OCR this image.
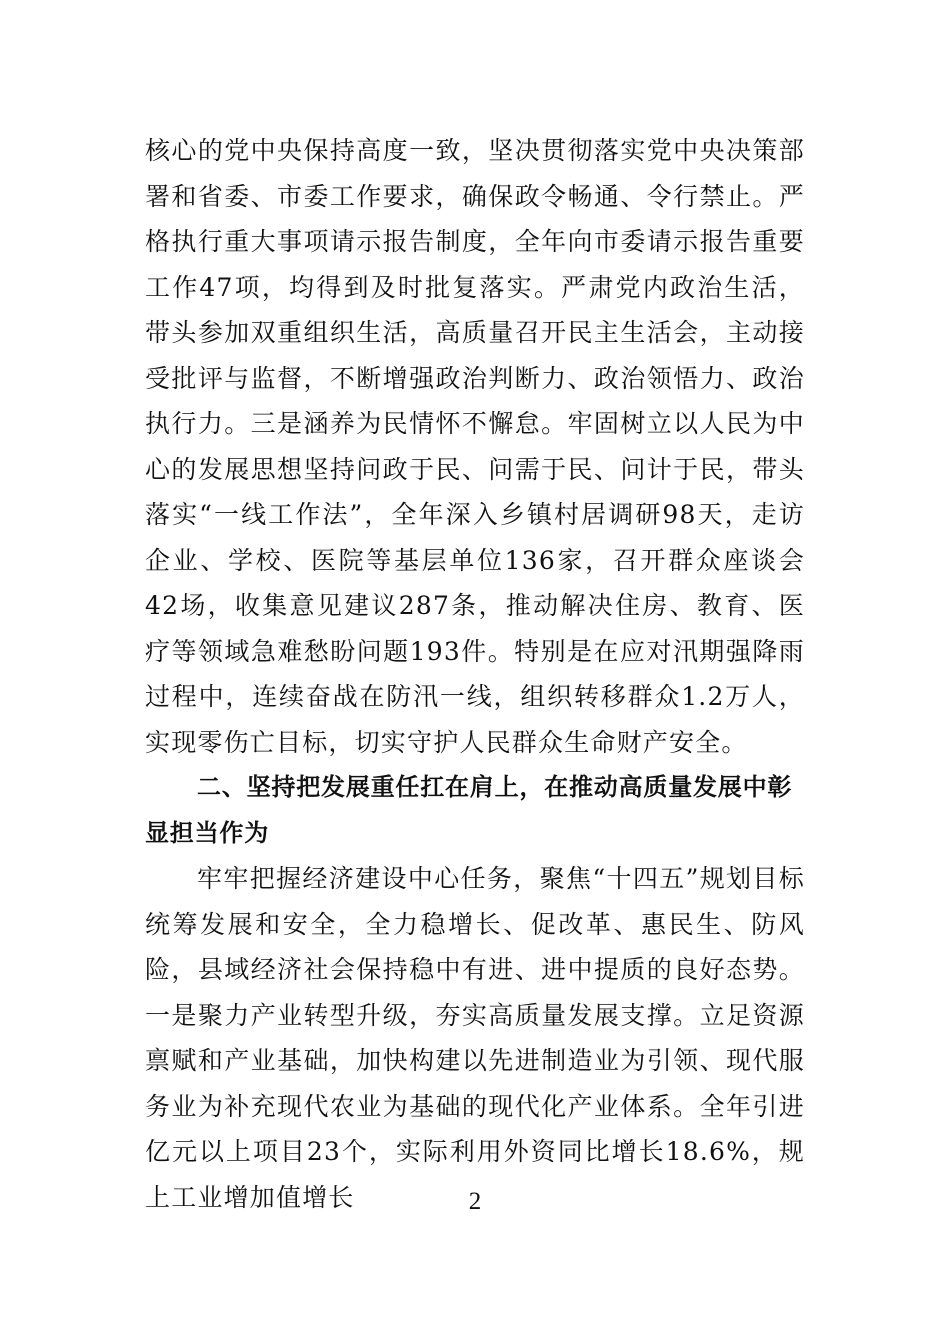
核心的党中央保持高度一致，坚决贯彻落实党中央决策部署和省委、市委工作要求，确保政令畅通、令行禁止。严格执行重大事项请示报告制度，全年向市委请示报告重要工作47项，均得到及时批复落实。严肃党内政治生活，带头参加双重组织生活，高质量召开民主生活会，主动接受批评与监督，不断增强政治判断力、政治领悟力、政治执行力。三是涵养为民情怀不懈怠。牢固树立以人民为中心的发展思想坚持问政于民、问需于民、问计于民，带头落实“一线工作法”，全年深入乡镇村居调研98天，走访企业、学校、医院等基层单位136家，召开群众座谈会42场，收集意见建议287条，推动解决住房、教育、医疗等领域急难愁盼问题193件。特别是在应对汛期强降雨过程中，连续奋战在防汛一线，组织转移群众1.2万人，实现零伤亡目标，切实守护人民群众生命财产安全。

二、坚持把发展重任扛在肩上，在推动高质量发展中彰显担当作为

牢牢把握经济建设中心任务，聚焦“十四五”规划目标统筹发展和安全，全力稳增长、促改革、惠民生、防风险，县域经济社会保持稳中有进、进中提质的良好态势。一是聚力产业转型升级，夯实高质量发展支撑。立足资源禀赋和产业基础，加快构建以先进制造业为引领、现代服务业为补充现代农业为基础的现代化产业体系。全年引进亿元以上项目23个，实际利用外资同比增长18.6%，规上工业增加值增长	2
